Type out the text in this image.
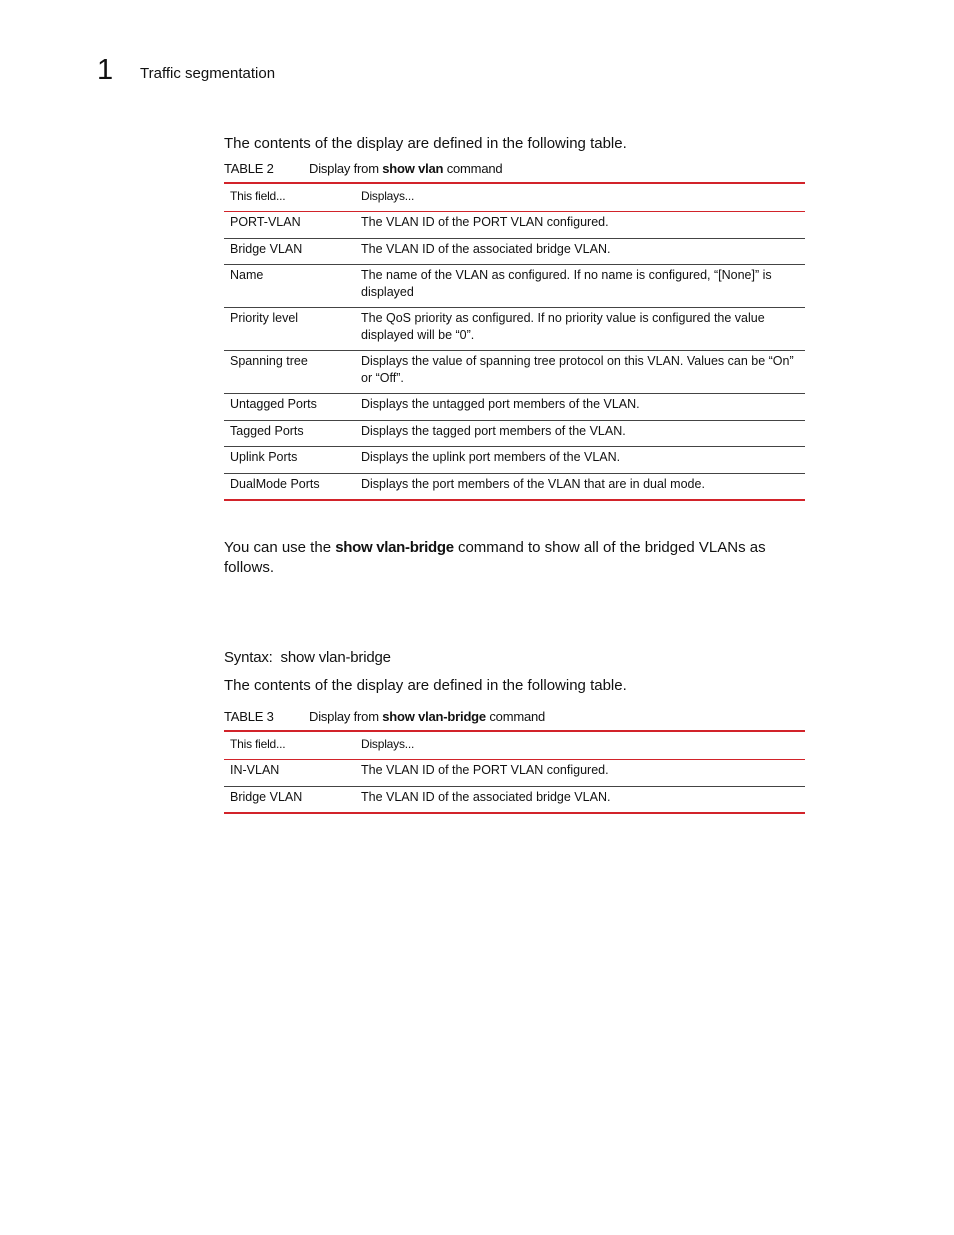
1 Traffic segmentation
The contents of the display are defined in the following table.
TABLE 2	Display from show vlan command
This field...	Displays...
PORT-VLAN	The VLAN ID of the PORT VLAN configured.
Bridge VLAN	The VLAN ID of the associated bridge VLAN.
Name	The name of the VLAN as configured. If no name is configured, “[None]” is displayed
Priority level	The QoS priority as configured. If no priority value is configured the value displayed will be “0”.
Spanning tree	Displays the value of spanning tree protocol on this VLAN. Values can be “On” or “Off”.
Untagged Ports	Displays the untagged port members of the VLAN.
Tagged Ports	Displays the tagged port members of the VLAN.
Uplink Ports	Displays the uplink port members of the VLAN.
DualMode Ports	Displays the port members of the VLAN that are in dual mode.
You can use the show vlan-bridge command to show all of the bridged VLANs as follows.
Syntax:  show vlan-bridge
The contents of the display are defined in the following table.
TABLE 3	Display from show vlan-bridge command
This field...	Displays...
IN-VLAN	The VLAN ID of the PORT VLAN configured.
Bridge VLAN	The VLAN ID of the associated bridge VLAN.
